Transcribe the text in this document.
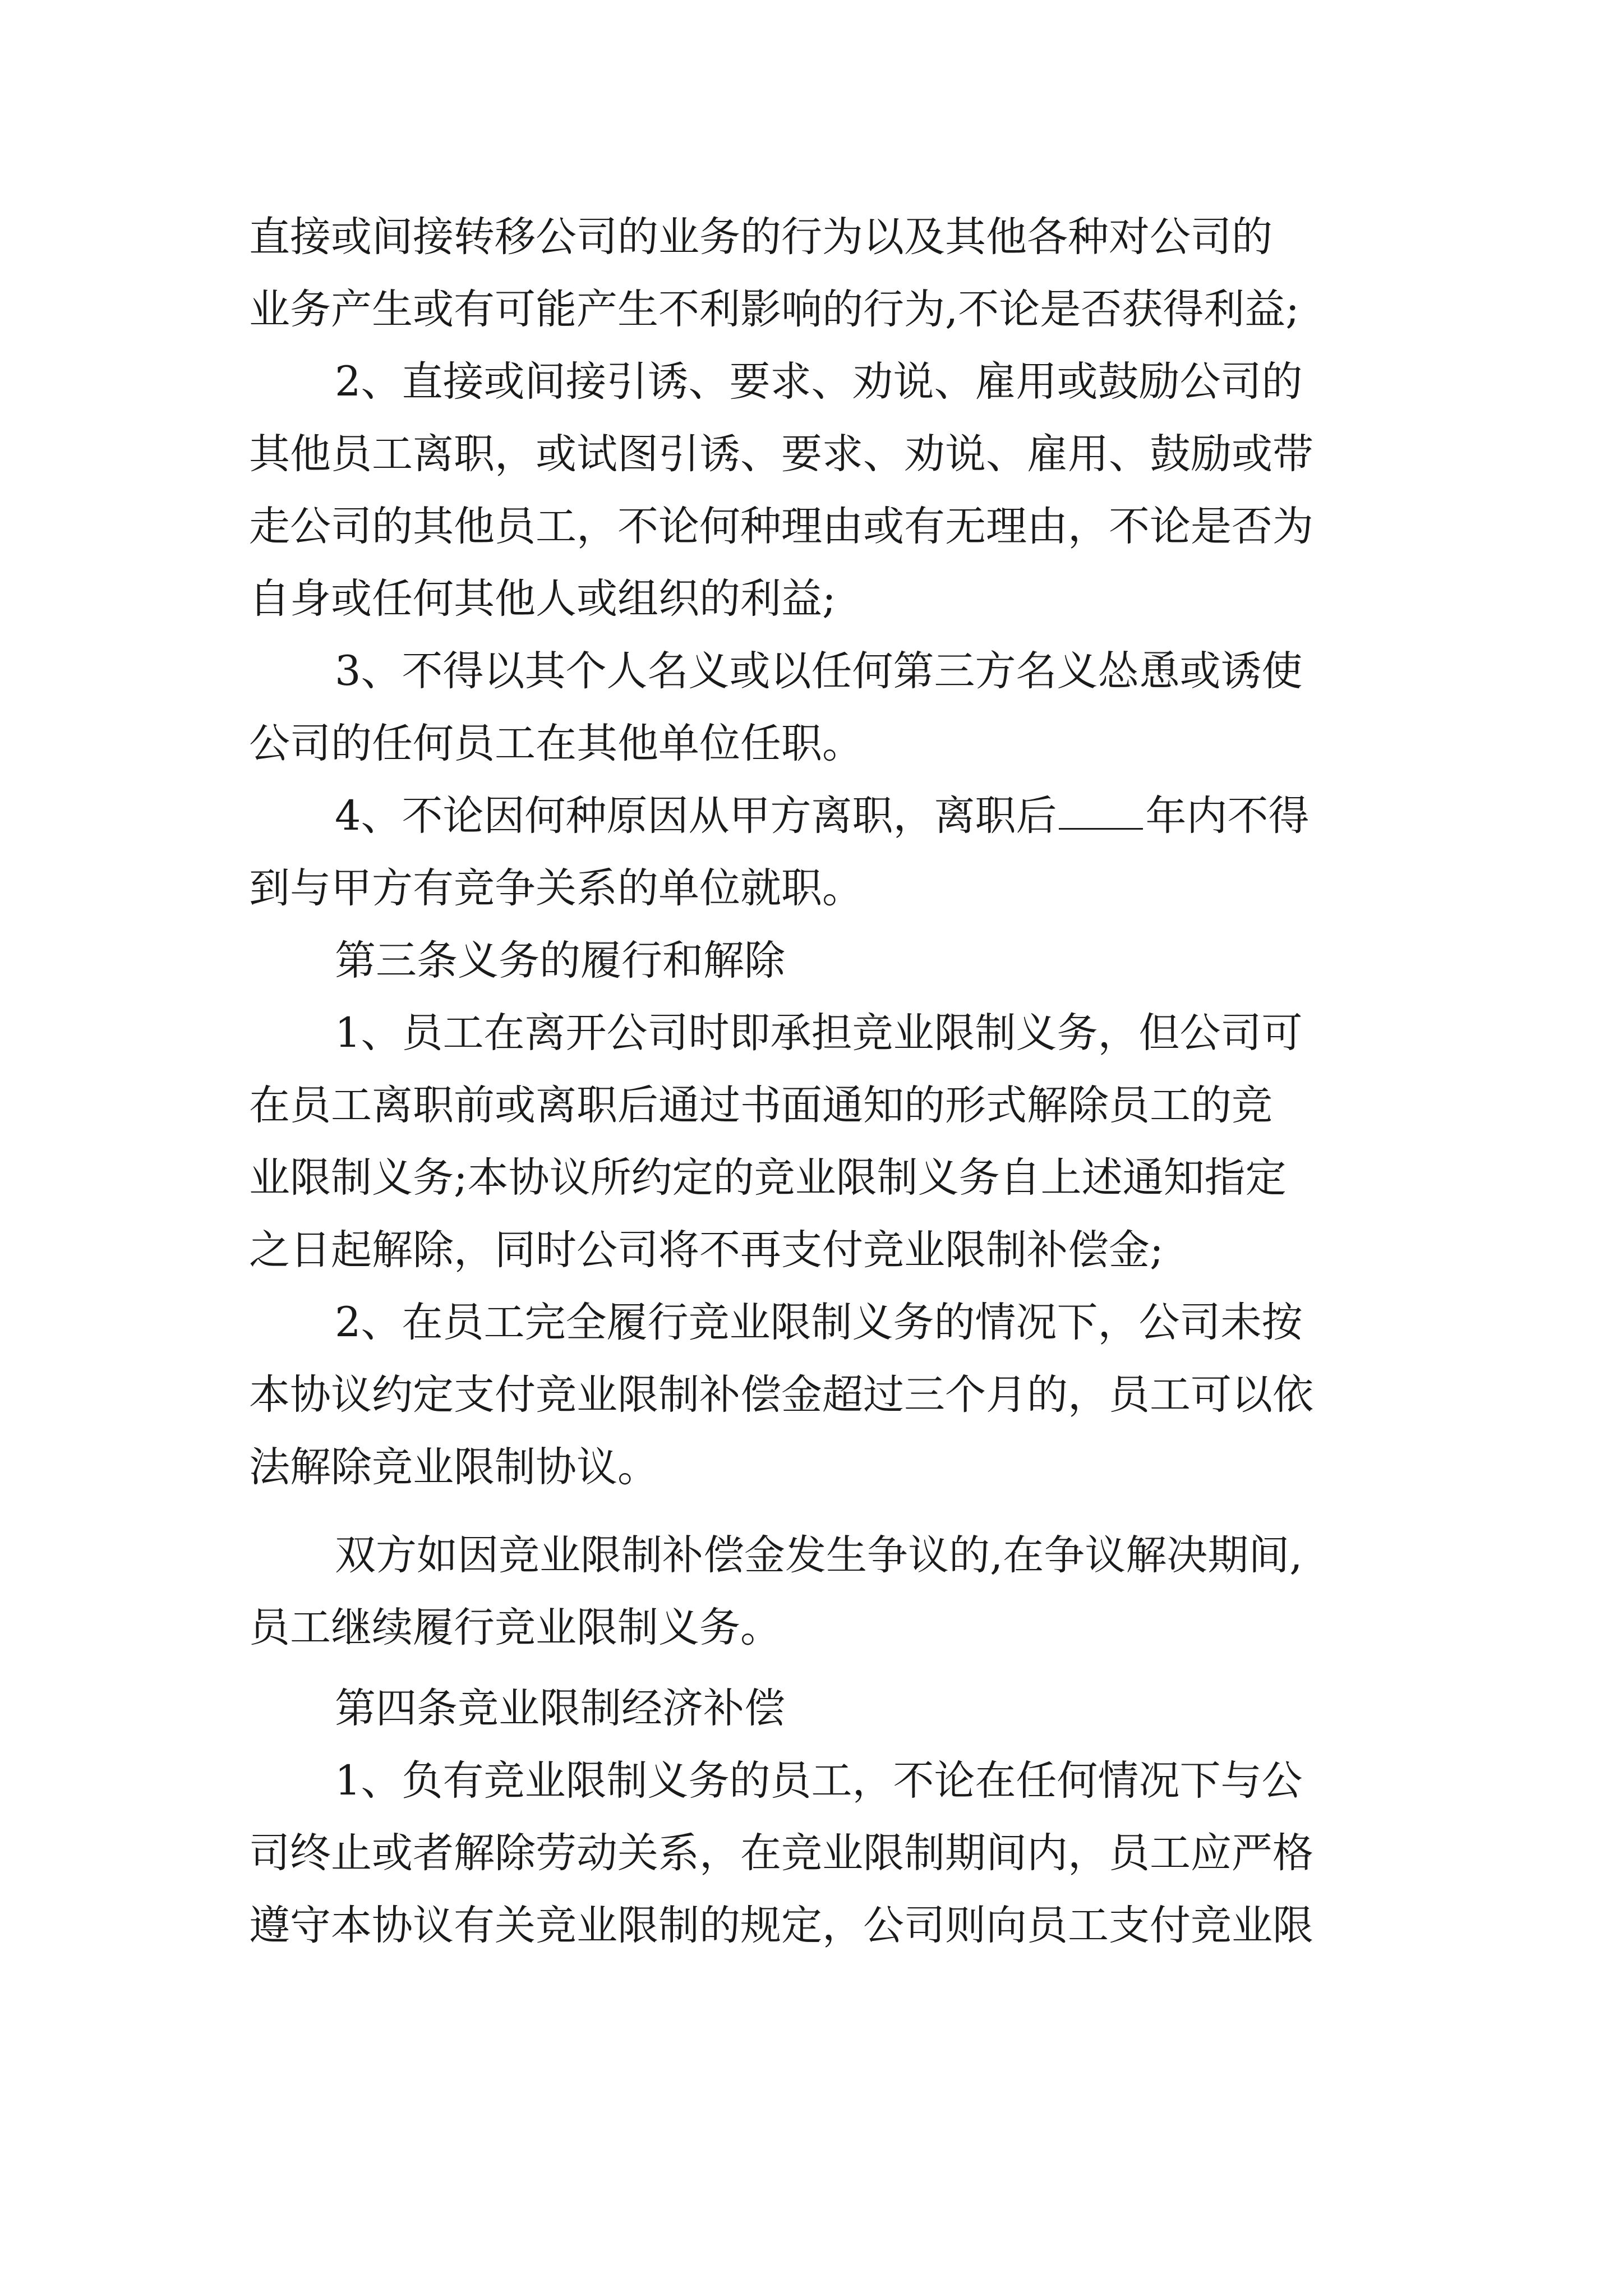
直接或间接转移公司的业务的行为以及其他各种对公司的

业务产生或有可能产生不利影响的行为,不论是否获得利益;

2、直接或间接引诱、要求、劝说、雇用或鼓励公司的

其他员工离职，或试图引诱、要求、劝说、雇用、鼓励或带

走公司的其他员工，不论何种理由或有无理由，不论是否为

自身或任何其他人或组织的利益;

3、不得以其个人名义或以任何第三方名义怂恿或诱使

公司的任何员工在其他单位任职。

4、不论因何种原因从甲方离职，离职后 年内不得

到与甲方有竞争关系的单位就职。

第三条义务的履行和解除

1、员工在离开公司时即承担竞业限制义务，但公司可

在员工离职前或离职后通过书面通知的形式解除员工的竞

业限制义务;本协议所约定的竞业限制义务自上述通知指定

之日起解除，同时公司将不再支付竞业限制补偿金;

2、在员工完全履行竞业限制义务的情况下，公司未按

本协议约定支付竞业限制补偿金超过三个月的，员工可以依

法解除竞业限制协议。

双方如因竞业限制补偿金发生争议的,在争议解决期间,

员工继续履行竞业限制义务。

第四条竞业限制经济补偿

1、负有竞业限制义务的员工，不论在任何情况下与公

司终止或者解除劳动关系，在竞业限制期间内，员工应严格

遵守本协议有关竞业限制的规定，公司则向员工支付竞业限
